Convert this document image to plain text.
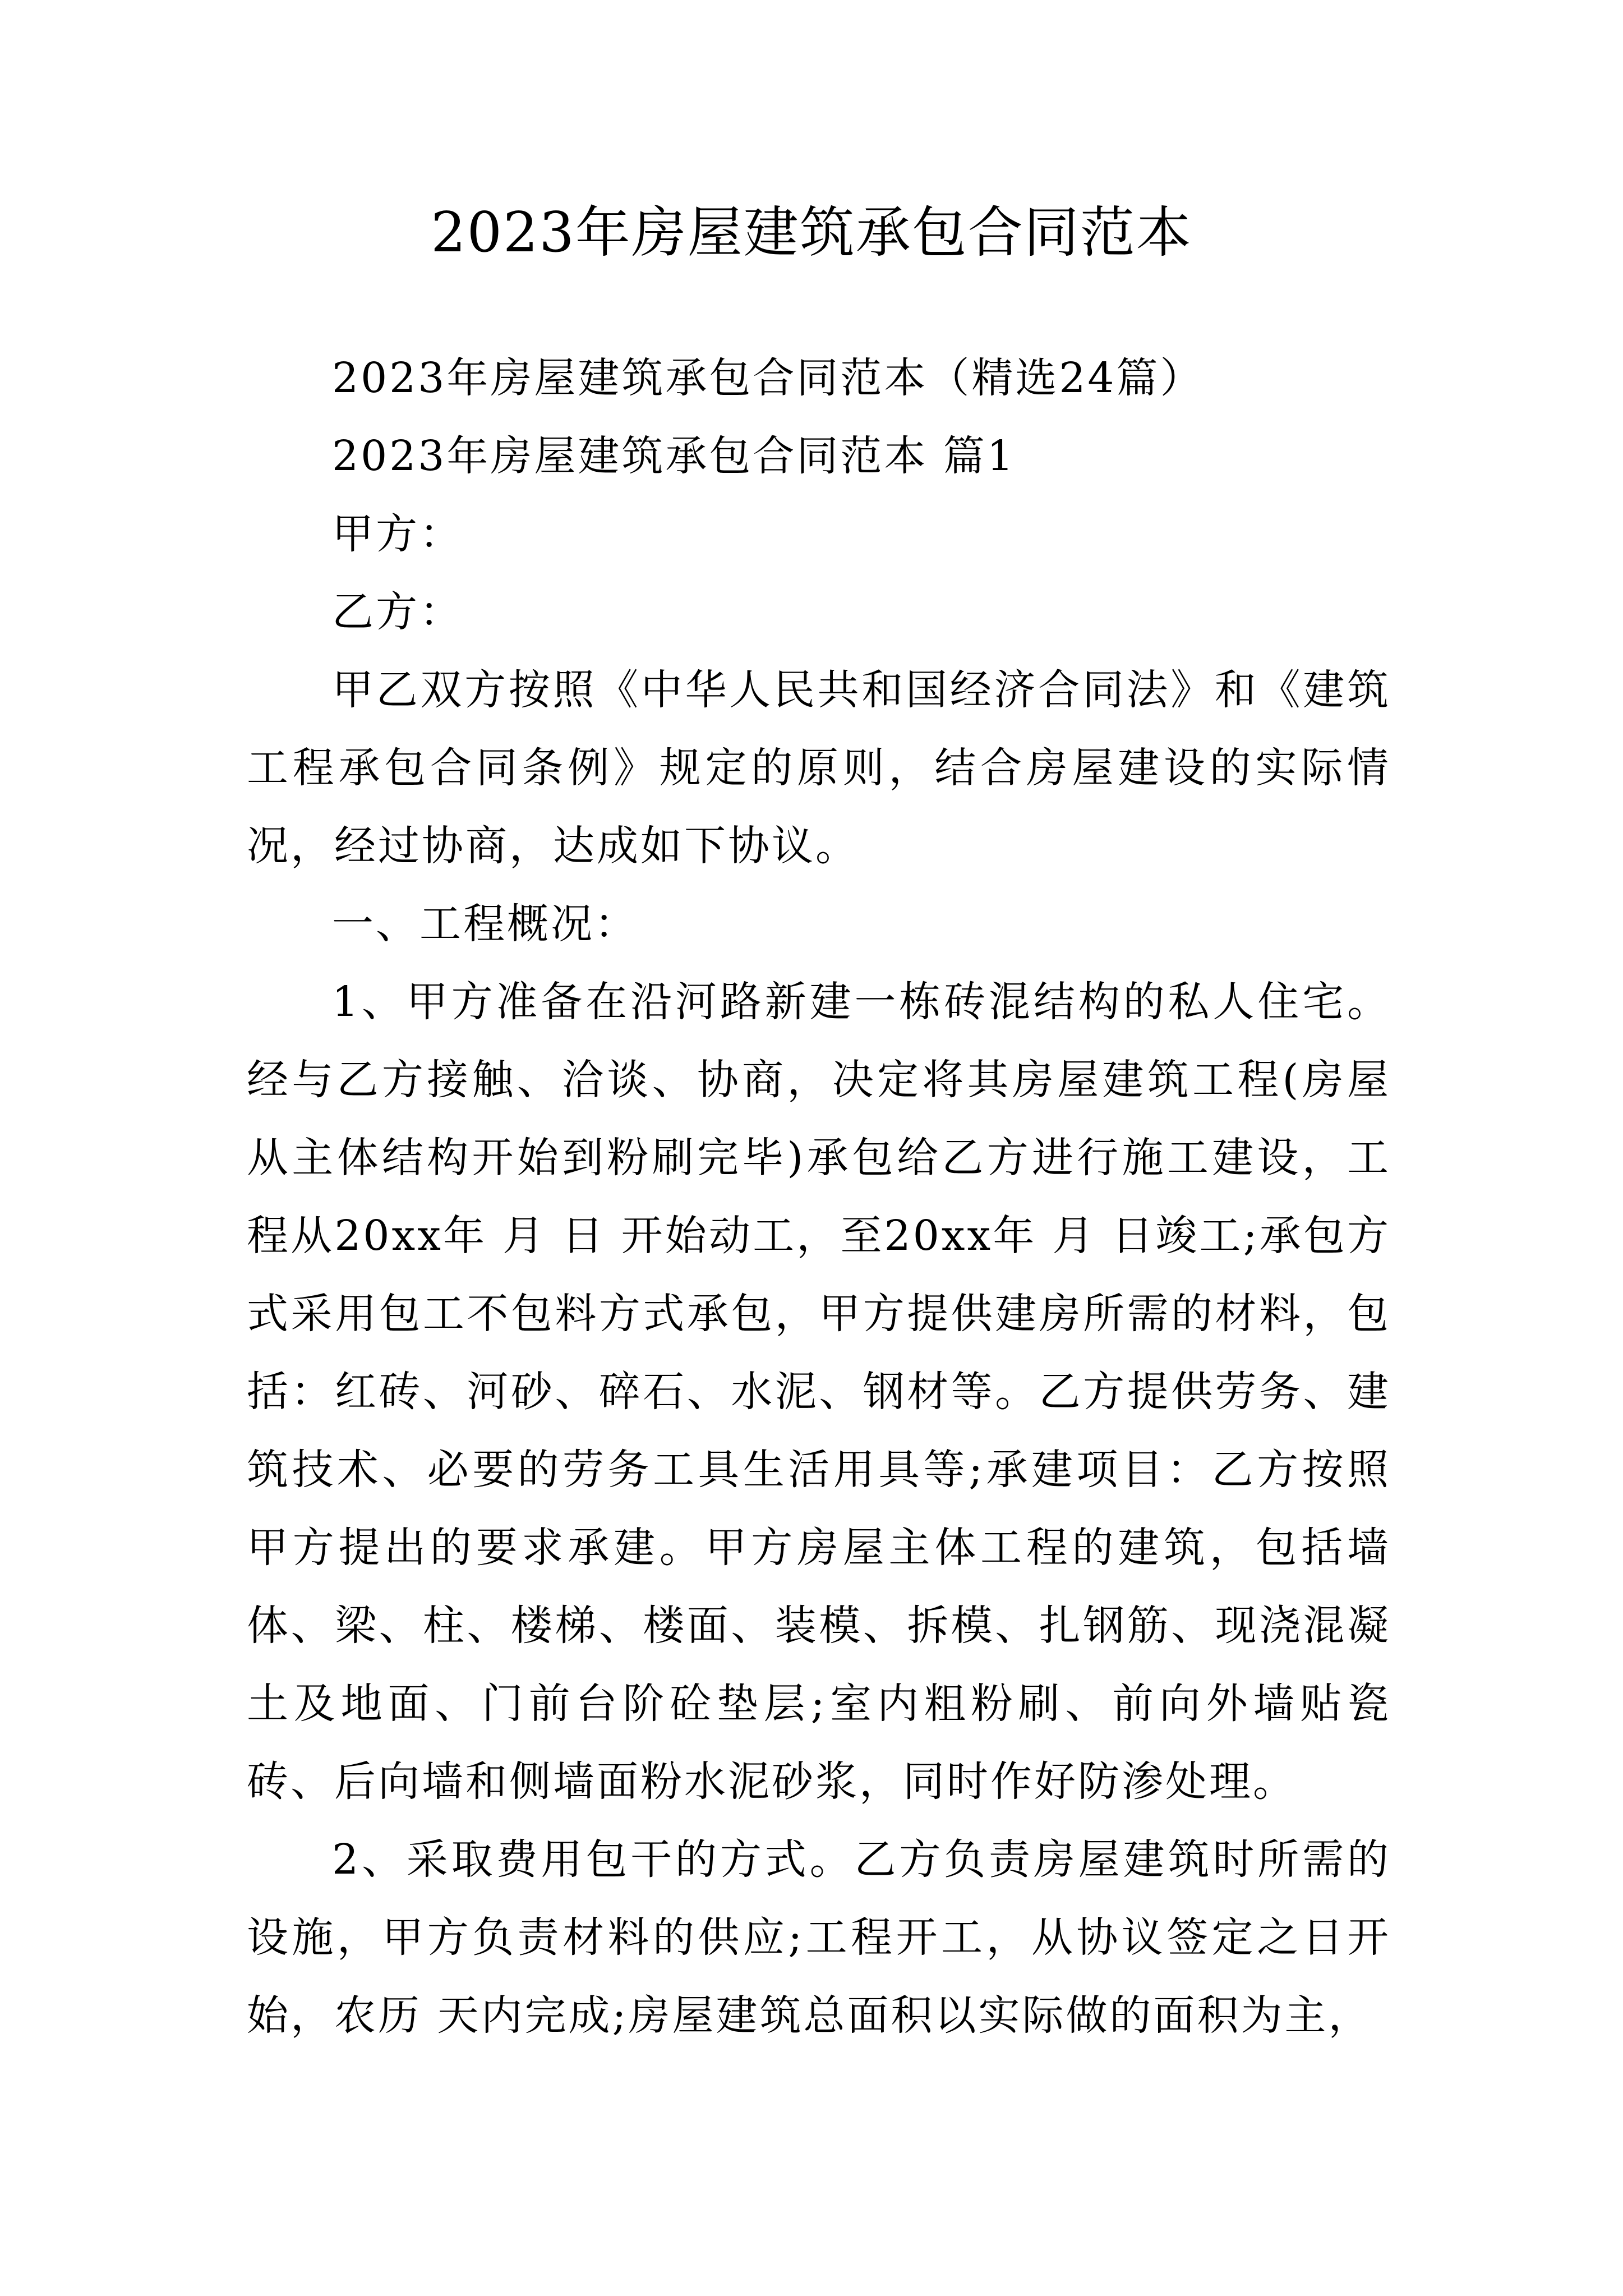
2023年房屋建筑承包合同范本

2023年房屋建筑承包合同范本（精选24篇）

2023年房屋建筑承包合同范本 篇1

甲方：

乙方：

甲乙双方按照《中华人民共和国经济合同法》和《建筑工程承包合同条例》规定的原则，结合房屋建设的实际情况，经过协商，达成如下协议。

一、工程概况：

1、甲方准备在沿河路新建一栋砖混结构的私人住宅。经与乙方接触、洽谈、协商，决定将其房屋建筑工程(房屋从主体结构开始到粉刷完毕)承包给乙方进行施工建设，工程从20xx年 月 日 开始动工，至20xx年 月 日竣工;承包方式采用包工不包料方式承包，甲方提供建房所需的材料，包括：红砖、河砂、碎石、水泥、钢材等。乙方提供劳务、建筑技术、必要的劳务工具生活用具等;承建项目：乙方按照甲方提出的要求承建。甲方房屋主体工程的建筑，包括墙体、梁、柱、楼梯、楼面、装模、拆模、扎钢筋、现浇混凝土及地面、门前台阶砼垫层;室内粗粉刷、前向外墙贴瓷砖、后向墙和侧墙面粉水泥砂浆，同时作好防渗处理。

2、采取费用包干的方式。乙方负责房屋建筑时所需的设施，甲方负责材料的供应;工程开工，从协议签定之日开始，农历 天内完成;房屋建筑总面积以实际做的面积为主，
